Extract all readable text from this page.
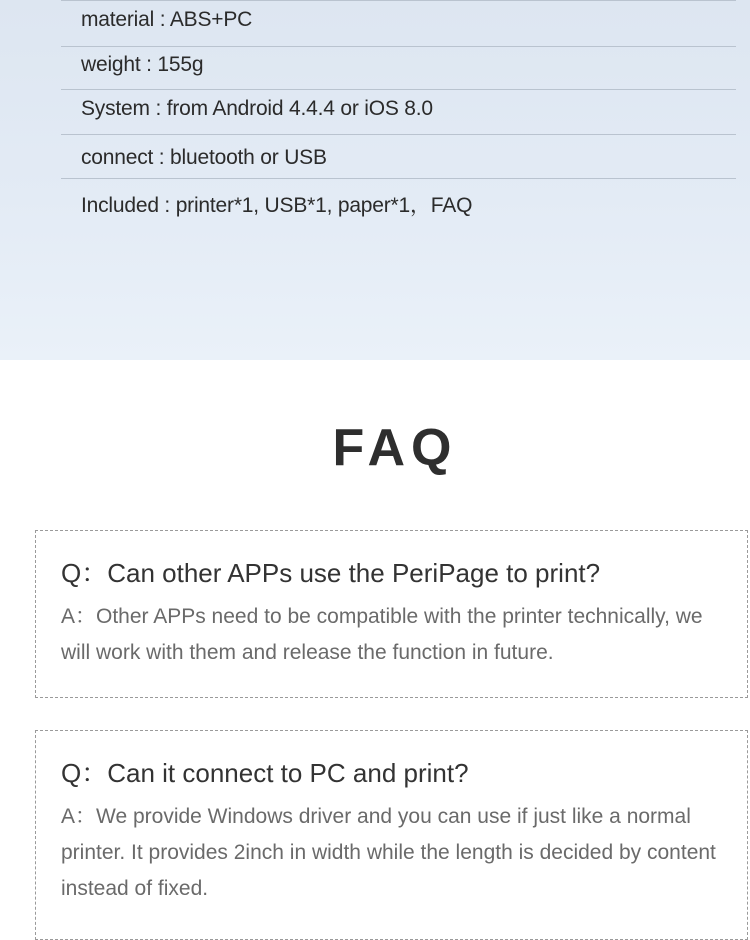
material : ABS+PC
weight : 155g
System : from Android 4.4.4 or iOS 8.0
connect : bluetooth or USB
Included : printer*1, USB*1, paper*1，FAQ
FAQ
Q：Can other APPs use the PeriPage to print?
A：Other APPs need to be compatible with the printer technically, we will work with them and release the function in future.
Q：Can it connect to PC and print?
A：We provide Windows driver and you can use if just like a normal printer. It provides 2inch in width while the length is decided by content instead of fixed.
